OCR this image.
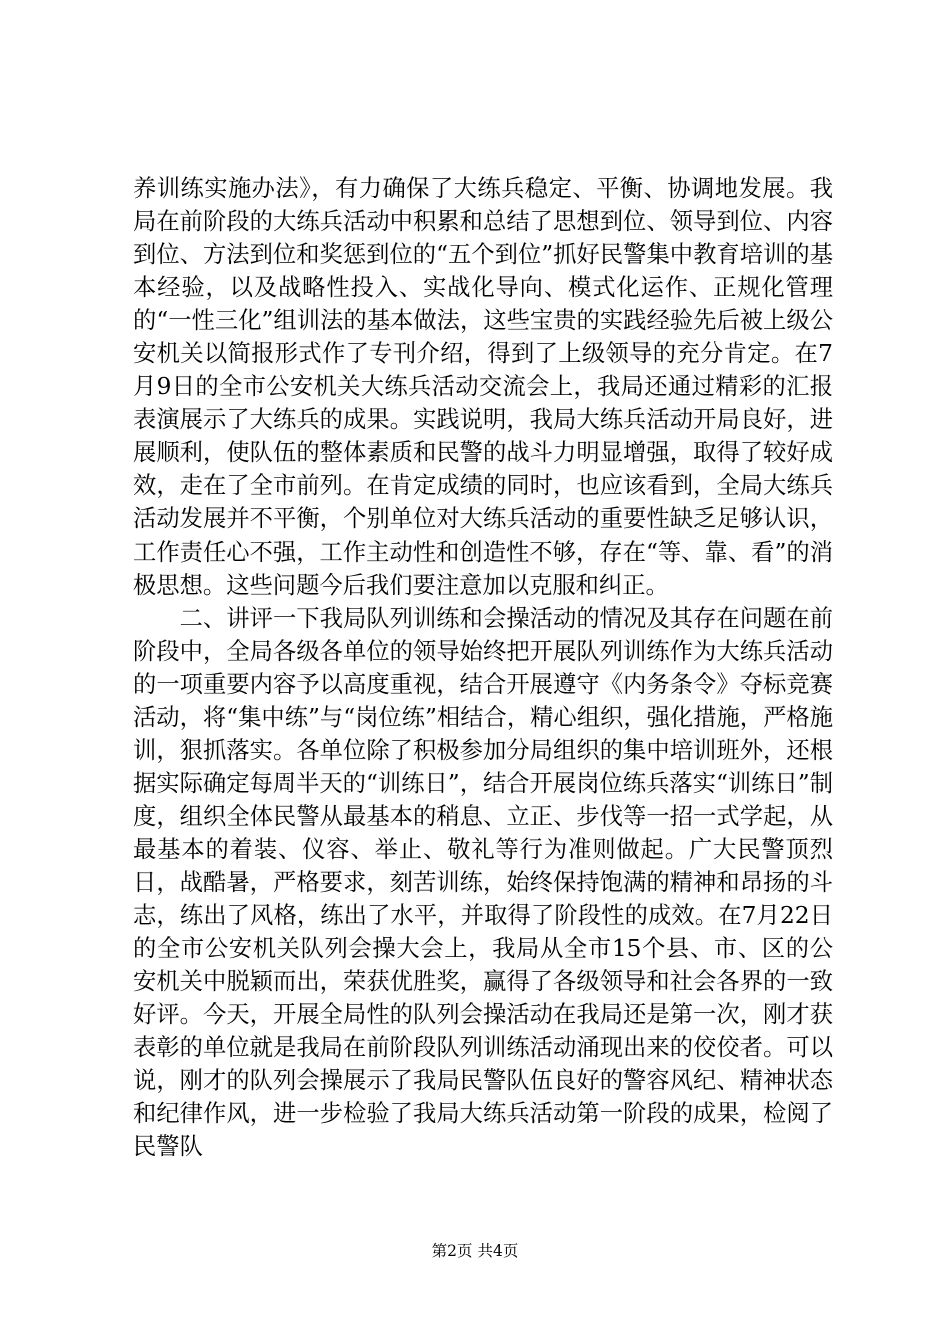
养训练实施办法》，有力确保了大练兵稳定、平衡、协调地发展。我局在前阶段的大练兵活动中积累和总结了思想到位、领导到位、内容到位、方法到位和奖惩到位的“五个到位”抓好民警集中教育培训的基本经验，以及战略性投入、实战化导向、模式化运作、正规化管理的“一性三化”组训法的基本做法，这些宝贵的实践经验先后被上级公安机关以简报形式作了专刊介绍，得到了上级领导的充分肯定。在7月9日的全市公安机关大练兵活动交流会上，我局还通过精彩的汇报表演展示了大练兵的成果。实践说明，我局大练兵活动开局良好，进展顺利，使队伍的整体素质和民警的战斗力明显增强，取得了较好成效，走在了全市前列。在肯定成绩的同时，也应该看到，全局大练兵活动发展并不平衡，个别单位对大练兵活动的重要性缺乏足够认识，工作责任心不强，工作主动性和创造性不够，存在“等、靠、看”的消极思想。这些问题今后我们要注意加以克服和纠正。

二、讲评一下我局队列训练和会操活动的情况及其存在问题在前阶段中，全局各级各单位的领导始终把开展队列训练作为大练兵活动的一项重要内容予以高度重视，结合开展遵守《内务条令》夺标竞赛活动，将“集中练”与“岗位练”相结合，精心组织，强化措施，严格施训，狠抓落实。各单位除了积极参加分局组织的集中培训班外，还根据实际确定每周半天的“训练日”，结合开展岗位练兵落实“训练日”制度，组织全体民警从最基本的稍息、立正、步伐等一招一式学起，从最基本的着装、仪容、举止、敬礼等行为准则做起。广大民警顶烈日，战酷暑，严格要求，刻苦训练，始终保持饱满的精神和昂扬的斗志，练出了风格，练出了水平，并取得了阶段性的成效。在7月22日的全市公安机关队列会操大会上，我局从全市15个县、市、区的公安机关中脱颖而出，荣获优胜奖，赢得了各级领导和社会各界的一致好评。今天，开展全局性的队列会操活动在我局还是第一次，刚才获表彰的单位就是我局在前阶段队列训练活动涌现出来的佼佼者。可以说，刚才的队列会操展示了我局民警队伍良好的警容风纪、精神状态和纪律作风，进一步检验了我局大练兵活动第一阶段的成果，检阅了民警队

第2页 共4页
